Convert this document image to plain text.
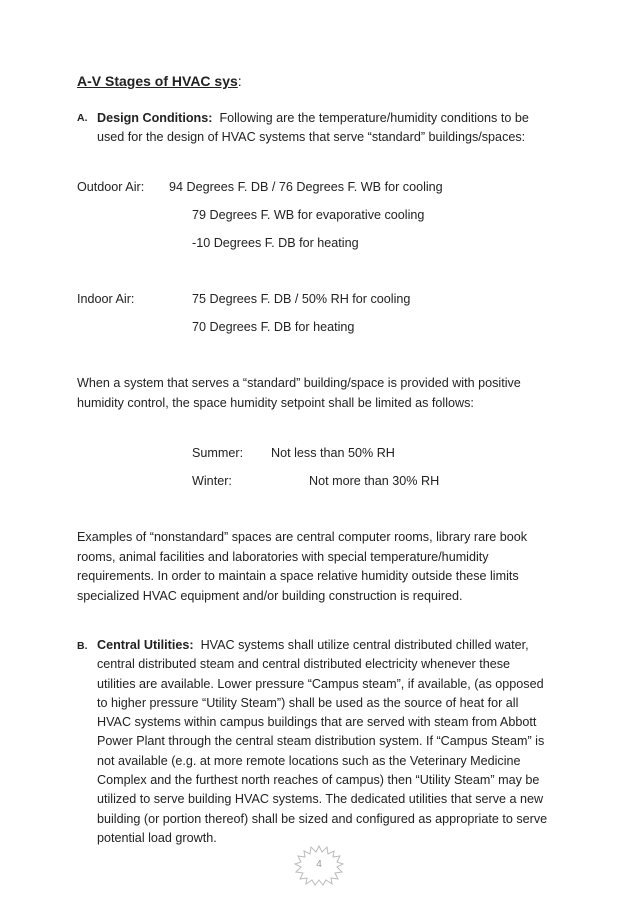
A-V Stages of HVAC sys:
A. Design Conditions: Following are the temperature/humidity conditions to be
used for the design of HVAC systems that serve “standard” buildings/spaces:
Outdoor Air: 94 Degrees F. DB / 76 Degrees F. WB for cooling
79 Degrees F. WB for evaporative cooling
-10 Degrees F. DB for heating
Indoor Air:	75 Degrees F. DB / 50% RH for cooling
70 Degrees F. DB for heating
When a system that serves a “standard” building/space is provided with positive
humidity control, the space humidity setpoint shall be limited as follows:
Summer: Not less than 50% RH
Winter:	Not more than 30% RH
Examples of “nonstandard” spaces are central computer rooms, library rare book
rooms, animal facilities and laboratories with special temperature/humidity
requirements. In order to maintain a space relative humidity outside these limits
specialized HVAC equipment and/or building construction is required.
B. Central Utilities: HVAC systems shall utilize central distributed chilled water,
central distributed steam and central distributed electricity whenever these
utilities are available. Lower pressure “Campus steam”, if available, (as opposed
to higher pressure “Utility Steam”) shall be used as the source of heat for all
HVAC systems within campus buildings that are served with steam from Abbott
Power Plant through the central steam distribution system. If “Campus Steam” is
not available (e.g. at more remote locations such as the Veterinary Medicine
Complex and the furthest north reaches of campus) then “Utility Steam” may be
utilized to serve building HVAC systems. The dedicated utilities that serve a new
building (or portion thereof) shall be sized and configured as appropriate to serve
potential load growth.
4
